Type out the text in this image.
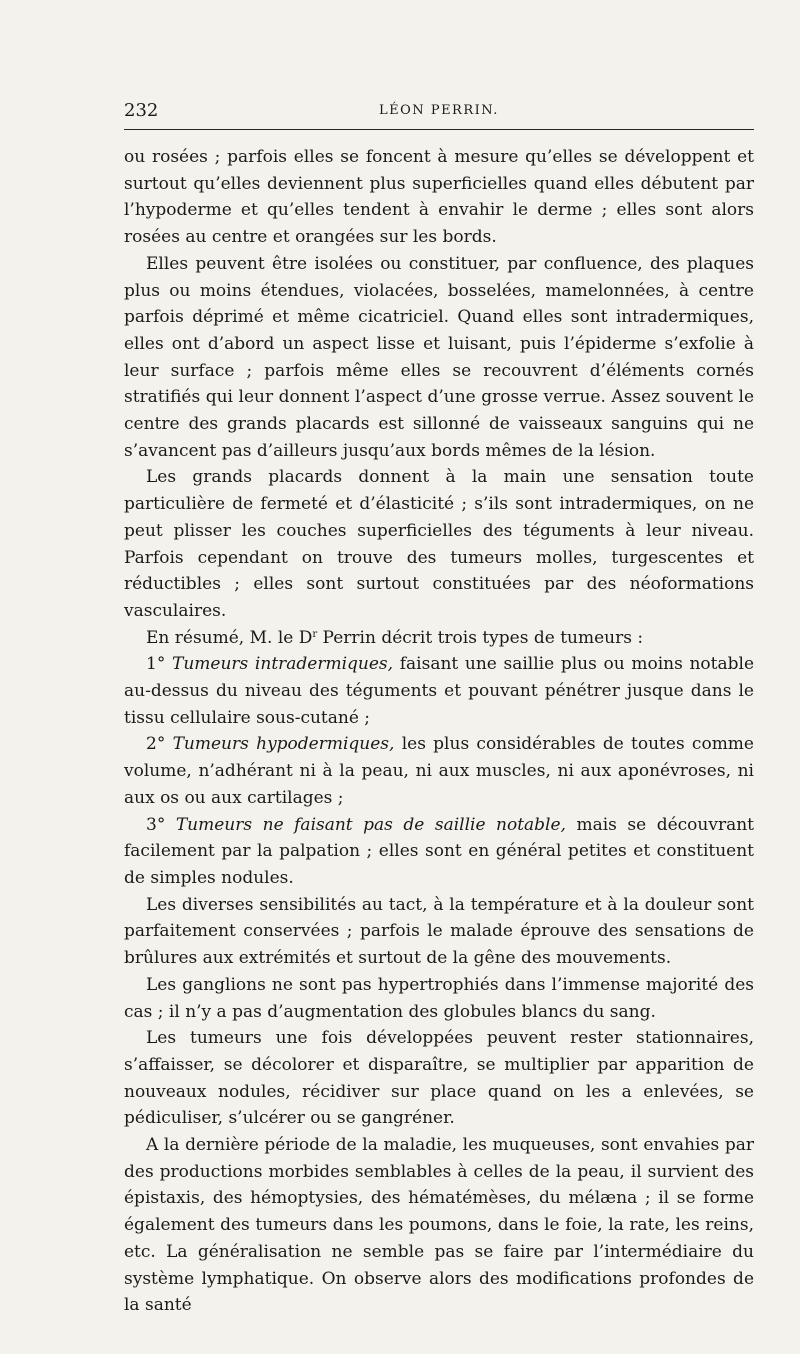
232	LÉON PERRIN.

ou rosées ; parfois elles se foncent à mesure qu’elles se développent et surtout qu’elles deviennent plus superficielles quand elles débutent par l’hypoderme et qu’elles tendent à envahir le derme ; elles sont alors rosées au centre et orangées sur les bords.

Elles peuvent être isolées ou constituer, par confluence, des plaques plus ou moins étendues, violacées, bosselées, mamelonnées, à centre parfois déprimé et même cicatriciel. Quand elles sont intradermiques, elles ont d’abord un aspect lisse et luisant, puis l’épiderme s’exfolie à leur surface ; parfois même elles se recouvrent d’éléments cornés stratifiés qui leur donnent l’aspect d’une grosse verrue. Assez souvent le centre des grands placards est sillonné de vaisseaux sanguins qui ne s’avancent pas d’ailleurs jusqu’aux bords mêmes de la lésion.

Les grands placards donnent à la main une sensation toute particulière de fermeté et d’élasticité ; s’ils sont intradermiques, on ne peut plisser les couches superficielles des téguments à leur niveau. Parfois cependant on trouve des tumeurs molles, turgescentes et réductibles ; elles sont surtout constituées par des néoformations vasculaires.

En résumé, M. le $D^r$ Perrin décrit trois types de tumeurs :

1° Tumeurs intradermiques, faisant une saillie plus ou moins notable au-dessus du niveau des téguments et pouvant pénétrer jusque dans le tissu cellulaire sous-cutané ;

2° Tumeurs hypodermiques, les plus considérables de toutes comme volume, n’adhérant ni à la peau, ni aux muscles, ni aux aponévroses, ni aux os ou aux cartilages ;

3° Tumeurs ne faisant pas de saillie notable, mais se découvrant facilement par la palpation ; elles sont en général petites et constituent de simples nodules.

Les diverses sensibilités au tact, à la température et à la douleur sont parfaitement conservées ; parfois le malade éprouve des sensations de brûlures aux extrémités et surtout de la gêne des mouvements.

Les ganglions ne sont pas hypertrophiés dans l’immense majorité des cas ; il n’y a pas d’augmentation des globules blancs du sang.

Les tumeurs une fois développées peuvent rester stationnaires, s’affaisser, se décolorer et disparaître, se multiplier par apparition de nouveaux nodules, récidiver sur place quand on les a enlevées, se pédiculiser, s’ulcérer ou se gangréner.

A la dernière période de la maladie, les muqueuses, sont envahies par des productions morbides semblables à celles de la peau, il survient des épistaxis, des hémoptysies, des hématémèses, du mélæna ; il se forme également des tumeurs dans les poumons, dans le foie, la rate, les reins, etc. La généralisation ne semble pas se faire par l’intermédiaire du système lymphatique. On observe alors des modifications profondes de la santé
